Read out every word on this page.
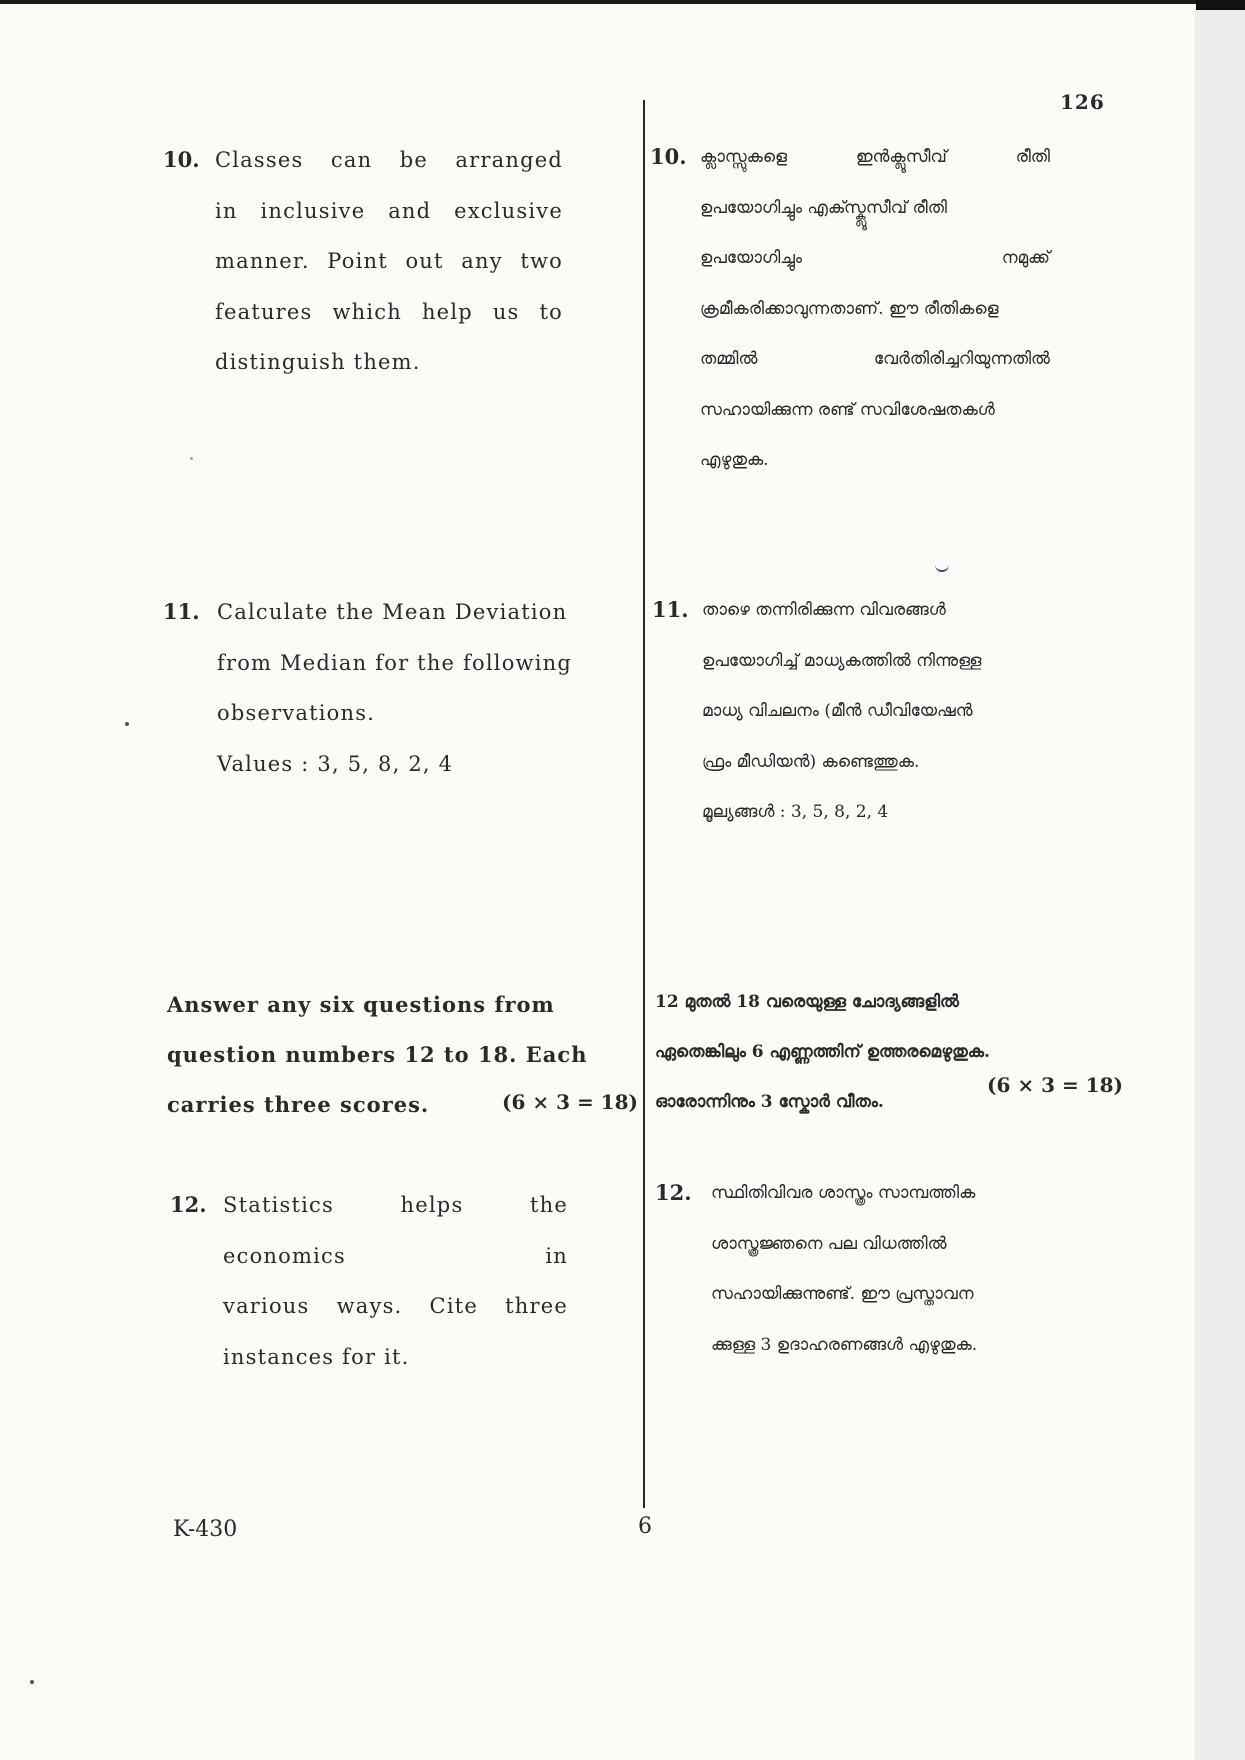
126
10. Classes can be arranged
in inclusive and exclusive
manner. Point out any two
features which help us to
distinguish them.
11. Calculate the Mean Deviation
from Median for the following
observations.
Values : 3, 5, 8, 2, 4
Answer any six questions from
question numbers 12 to 18. Each
carries three scores.	(6 × 3 = 18)
12. Statistics helps the economics in
various ways. Cite three
instances for it.
10. ക്ലാസ്സുകളെ ഇൻക്ലൂസീവ് രീതി
ഉപയോഗിച്ചും എക്സ്ക്ലൂസീവ് രീതി
ഉപയോഗിച്ചും നമുക്ക്
ക്രമീകരിക്കാവുന്നതാണ്. ഈ രീതികളെ
തമ്മിൽ വേർതിരിച്ചറിയുന്നതിൽ
സഹായിക്കുന്ന രണ്ട് സവിശേഷതകൾ
എഴുതുക.
11. താഴെ തന്നിരിക്കുന്ന വിവരങ്ങൾ
ഉപയോഗിച്ച് മാധ്യകത്തിൽ നിന്നുള്ള
മാധ്യ വിചലനം (മീൻ ഡീവിയേഷൻ
ഫ്രം മീഡിയൻ) കണ്ടെത്തുക.
മൂല്യങ്ങൾ : 3, 5, 8, 2, 4
12 മുതൽ 18 വരെയുള്ള ചോദ്യങ്ങളിൽ
ഏതെങ്കിലും 6 എണ്ണത്തിന് ഉത്തരമെഴുതുക.
ഓരോന്നിനും 3 സ്കോർ വീതം.
(6 × 3 = 18)
12. സ്ഥിതിവിവര ശാസ്ത്രം സാമ്പത്തിക
ശാസ്ത്രജ്ഞനെ പല വിധത്തിൽ
സഹായിക്കുന്നുണ്ട്. ഈ പ്രസ്താവന
ക്കുള്ള 3 ഉദാഹരണങ്ങൾ എഴുതുക.
K-430	6
